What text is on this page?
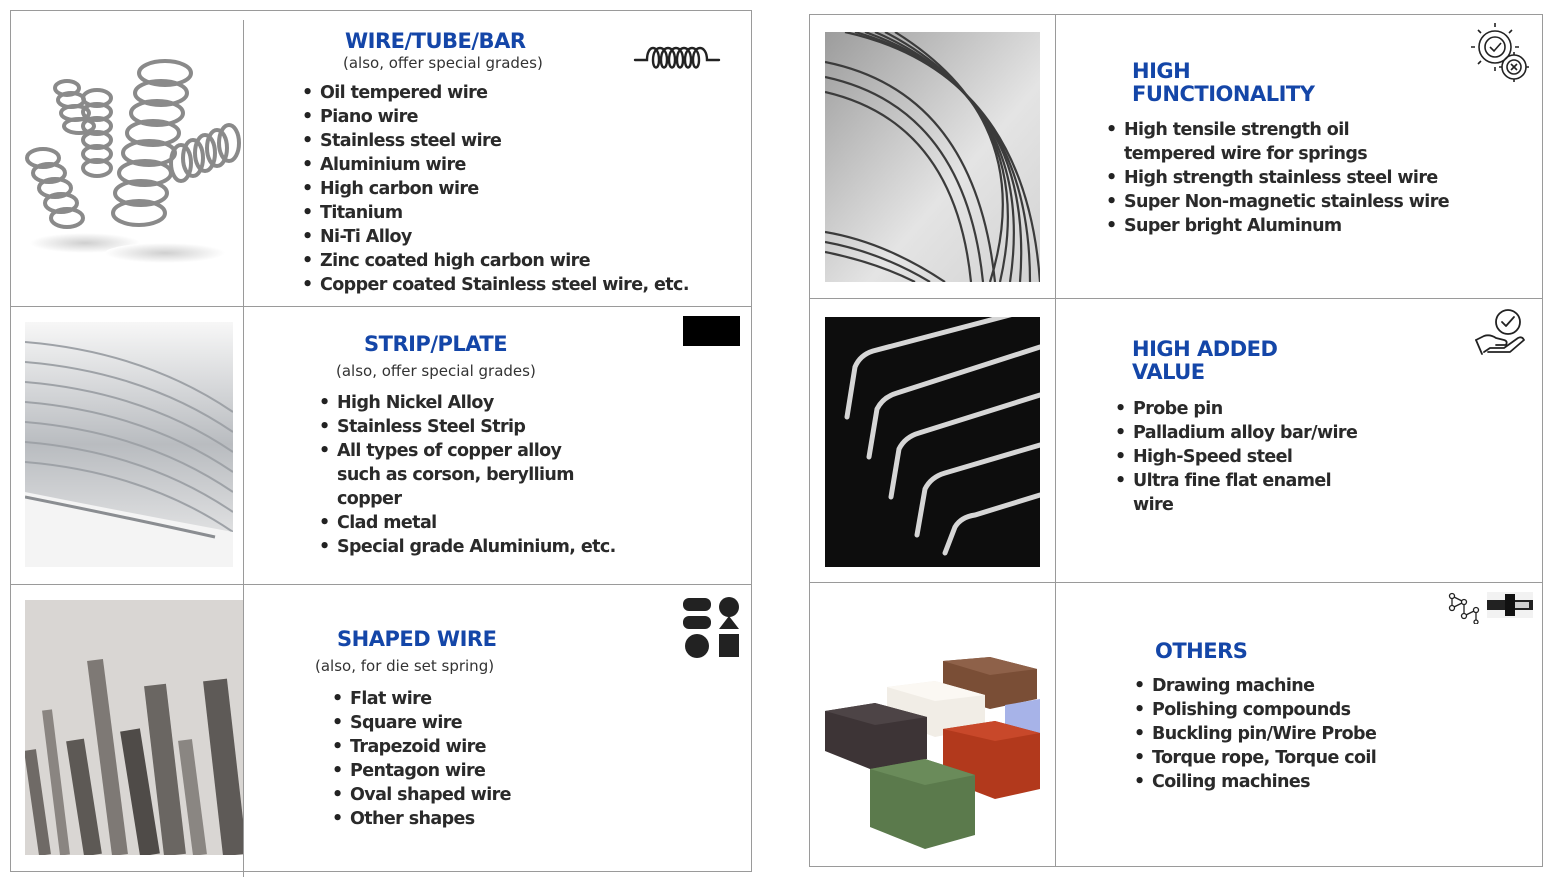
WIRE/TUBE/BAR
(also, offer special grades)
• Oil tempered wire
• Piano wire
• Stainless steel wire
• Aluminium wire
• High carbon wire
• Titanium
• Ni-Ti Alloy
• Zinc coated high carbon wire
• Copper coated Stainless steel wire, etc.
STRIP/PLATE
(also, offer special grades)
• High Nickel Alloy
• Stainless Steel Strip
• All types of copper alloy such as corson, beryllium copper
• Clad metal
• Special grade Aluminium, etc.
SHAPED WIRE
(also, for die set spring)
• Flat wire
• Square wire
• Trapezoid wire
• Pentagon wire
• Oval shaped wire
• Other shapes
HIGH
FUNCTIONALITY
• High tensile strength oil tempered wire for springs
• High strength stainless steel wire
• Super Non-magnetic stainless wire
• Super bright Aluminum
HIGH ADDED
VALUE
• Probe pin
• Palladium alloy bar/wire
• High-Speed steel
• Ultra fine flat enamel wire
OTHERS
• Drawing machine
• Polishing compounds
• Buckling pin/Wire Probe
• Torque rope, Torque coil
• Coiling machines
